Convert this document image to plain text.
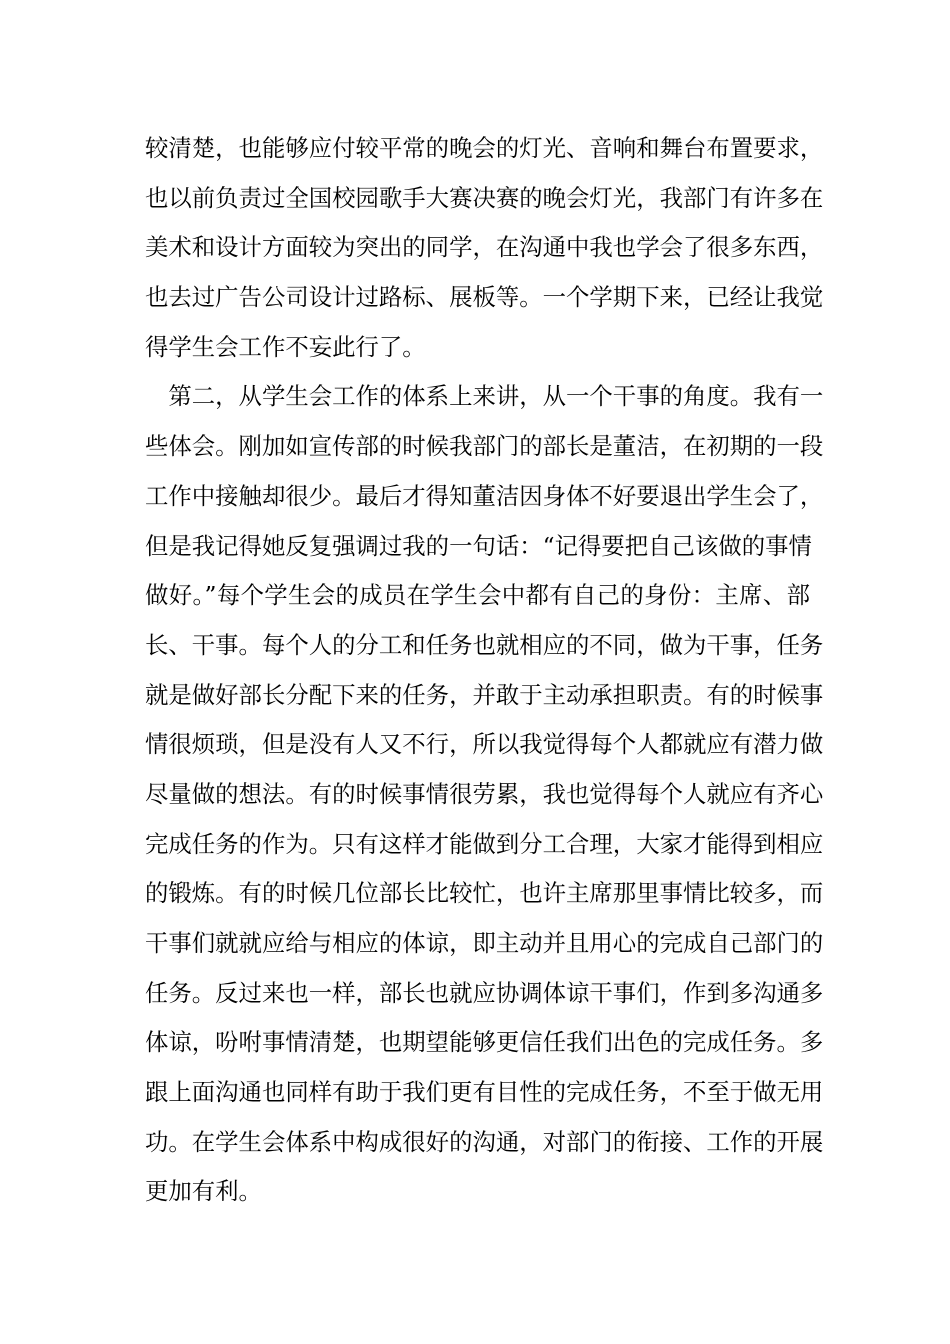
较清楚，也能够应付较平常的晚会的灯光、音响和舞台布置要求，
也以前负责过全国校园歌手大赛决赛的晚会灯光，我部门有许多在
美术和设计方面较为突出的同学，在沟通中我也学会了很多东西，
也去过广告公司设计过路标、展板等。一个学期下来，已经让我觉
得学生会工作不妄此行了。
　第二，从学生会工作的体系上来讲，从一个干事的角度。我有一
些体会。刚加如宣传部的时候我部门的部长是董洁，在初期的一段
工作中接触却很少。最后才得知董洁因身体不好要退出学生会了，
但是我记得她反复强调过我的一句话：“记得要把自己该做的事情
做好。”每个学生会的成员在学生会中都有自己的身份：主席、部
长、干事。每个人的分工和任务也就相应的不同，做为干事，任务
就是做好部长分配下来的任务，并敢于主动承担职责。有的时候事
情很烦琐，但是没有人又不行，所以我觉得每个人都就应有潜力做
尽量做的想法。有的时候事情很劳累，我也觉得每个人就应有齐心
完成任务的作为。只有这样才能做到分工合理，大家才能得到相应
的锻炼。有的时候几位部长比较忙，也许主席那里事情比较多，而
干事们就就应给与相应的体谅，即主动并且用心的完成自己部门的
任务。反过来也一样，部长也就应协调体谅干事们，作到多沟通多
体谅，吩咐事情清楚，也期望能够更信任我们出色的完成任务。多
跟上面沟通也同样有助于我们更有目性的完成任务，不至于做无用
功。在学生会体系中构成很好的沟通，对部门的衔接、工作的开展
更加有利。
